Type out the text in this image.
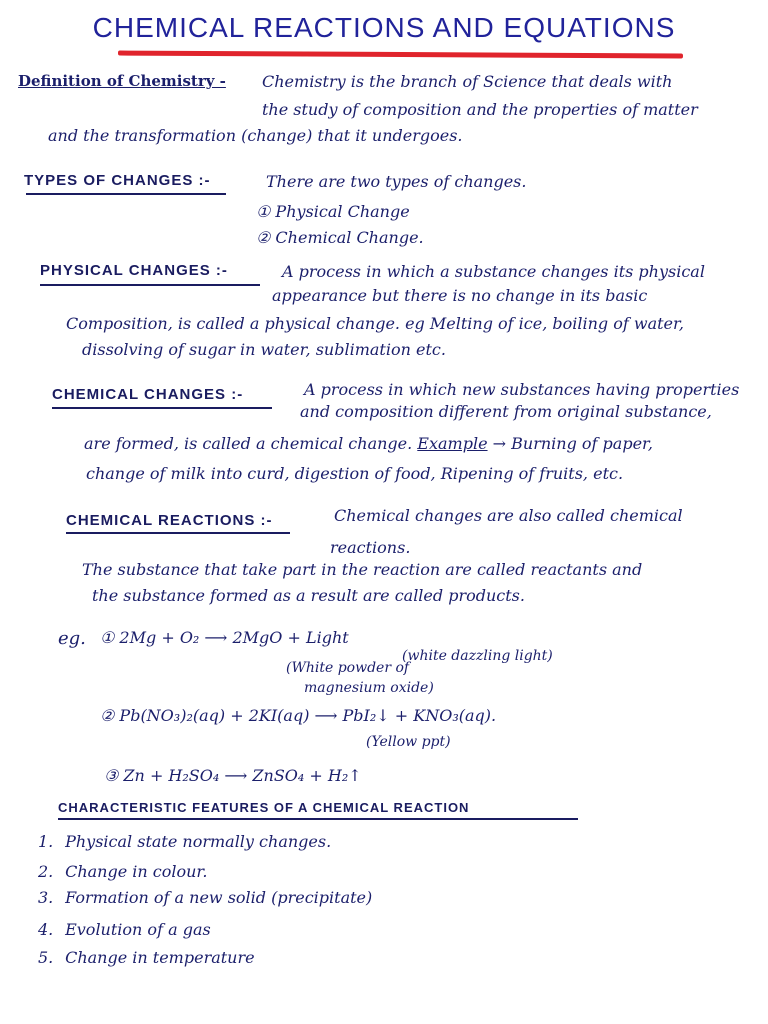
CHEMICAL REACTIONS AND EQUATIONS
Definition of Chemistry - Chemistry is the branch of Science that deals with
the study of composition and the properties of matter
and the transformation (change) that it undergoes.
TYPES OF CHANGES :-	There are two types of changes.
① Physical Change
② Chemical Change.
PHYSICAL CHANGES :-	A process in which a substance changes its physical
appearance but there is no change in its basic
Composition, is called a physical change. eg Melting of ice, boiling of water,
dissolving of sugar in water, sublimation etc.
CHEMICAL CHANGES :-	A process in which new substances having properties
and composition different from original substance,
are formed, is called a chemical change. Example → Burning of paper,
change of milk into curd, digestion of food, Ripening of fruits, etc.
CHEMICAL REACTIONS :-	Chemical changes are also called chemical
reactions.
The substance that take part in the reaction are called reactants and
the substance formed as a result are called products.
eg. ① 2Mg + O₂ ⟶ 2MgO + Light
(white dazzling light)
(White powder of
magnesium oxide)
② Pb(NO₃)₂(aq) + 2KI(aq) ⟶ PbI₂↓ + KNO₃(aq).
(Yellow ppt)
③ Zn + H₂SO₄ ⟶ ZnSO₄ + H₂↑
CHARACTERISTIC FEATURES OF A CHEMICAL REACTION
1. Physical state normally changes.
2. Change in colour.
3. Formation of a new solid (precipitate)
4. Evolution of a gas
5. Change in temperature
